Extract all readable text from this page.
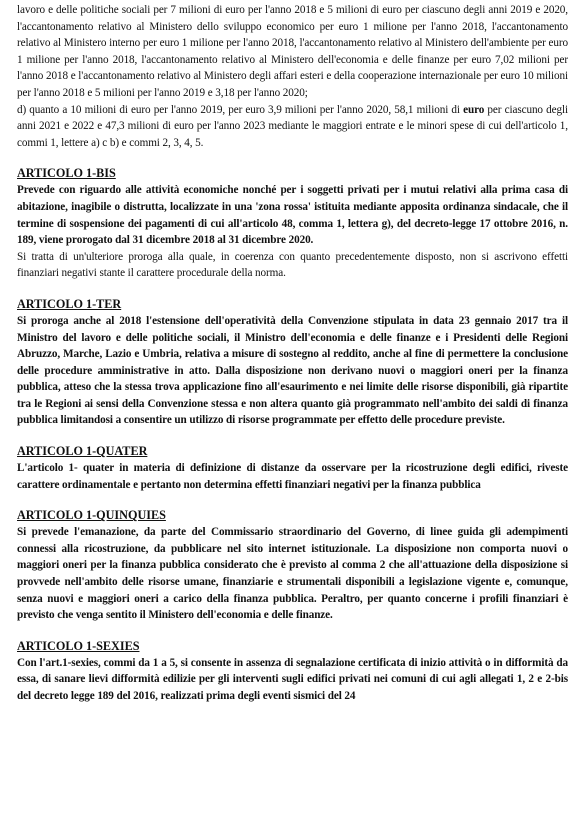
lavoro e delle politiche sociali per 7 milioni di euro per l'anno 2018 e 5 milioni di euro per ciascuno degli anni 2019 e 2020, l'accantonamento relativo al Ministero dello sviluppo economico per euro 1 milione per l'anno 2018, l'accantonamento relativo al Ministero interno per euro 1 milione per l'anno 2018, l'accantonamento relativo al Ministero dell'ambiente per euro 1 milione per l'anno 2018, l'accantonamento relativo al Ministero dell'economia e delle finanze per euro 7,02 milioni per l'anno 2018 e l'accantonamento relativo al Ministero degli affari esteri e della cooperazione internazionale per euro 10 milioni per l'anno 2018 e 5 milioni per l'anno 2019 e 3,18 per l'anno 2020;

d) quanto a 10 milioni di euro per l'anno 2019, per euro 3,9 milioni per l'anno 2020, 58,1 milioni di euro per ciascuno degli anni 2021 e 2022 e 47,3 milioni di euro per l'anno 2023 mediante le maggiori entrate e le minori spese di cui dell'articolo 1, commi 1, lettere a) c b) e commi 2, 3, 4, 5.

ARTICOLO 1-BIS

Prevede con riguardo alle attività economiche nonché per i soggetti privati per i mutui relativi alla prima casa di abitazione, inagibile o distrutta, localizzate in una 'zona rossa' istituita mediante apposita ordinanza sindacale, che il termine di sospensione dei pagamenti di cui all'articolo 48, comma 1, lettera g), del decreto-legge 17 ottobre 2016, n. 189, viene prorogato dal 31 dicembre 2018 al 31 dicembre 2020.

Si tratta di un'ulteriore proroga alla quale, in coerenza con quanto precedentemente disposto, non si ascrivono effetti finanziari negativi stante il carattere procedurale della norma.

ARTICOLO 1-TER

Si proroga anche al 2018 l'estensione dell'operatività della Convenzione stipulata in data 23 gennaio 2017 tra il Ministro del lavoro e delle politiche sociali, il Ministro dell'economia e delle finanze e i Presidenti delle Regioni Abruzzo, Marche, Lazio e Umbria, relativa a misure di sostegno al reddito, anche al fine di permettere la conclusione delle procedure amministrative in atto. Dalla disposizione non derivano nuovi o maggiori oneri per la finanza pubblica, atteso che la stessa trova applicazione fino all'esaurimento e nei limite delle risorse disponibili, già ripartite tra le Regioni ai sensi della Convenzione stessa e non altera quanto già programmato nell'ambito dei saldi di finanza pubblica limitandosi a consentire un utilizzo di risorse programmate per effetto delle procedure previste.

ARTICOLO 1-QUATER

L'articolo 1- quater in materia di definizione di distanze da osservare per la ricostruzione degli edifici, riveste carattere ordinamentale e pertanto non determina effetti finanziari negativi per la finanza pubblica

ARTICOLO 1-QUINQUIES

Si prevede l'emanazione, da parte del Commissario straordinario del Governo, di linee guida gli adempimenti connessi alla ricostruzione, da pubblicare nel sito internet istituzionale. La disposizione non comporta nuovi o maggiori oneri per la finanza pubblica considerato che è previsto al comma 2 che all'attuazione della disposizione si provvede nell'ambito delle risorse umane, finanziarie e strumentali disponibili a legislazione vigente e, comunque, senza nuovi e maggiori oneri a carico della finanza pubblica. Peraltro, per quanto concerne i profili finanziari è previsto che venga sentito il Ministero dell'economia e delle finanze.

ARTICOLO 1-SEXIES

Con l'art.1-sexies, commi da 1 a 5, si consente in assenza di segnalazione certificata di inizio attività o in difformità da essa, di sanare lievi difformità edilizie per gli interventi sugli edifici privati nei comuni di cui agli allegati 1, 2 e 2-bis del decreto legge 189 del 2016, realizzati prima degli eventi sismici del 24
